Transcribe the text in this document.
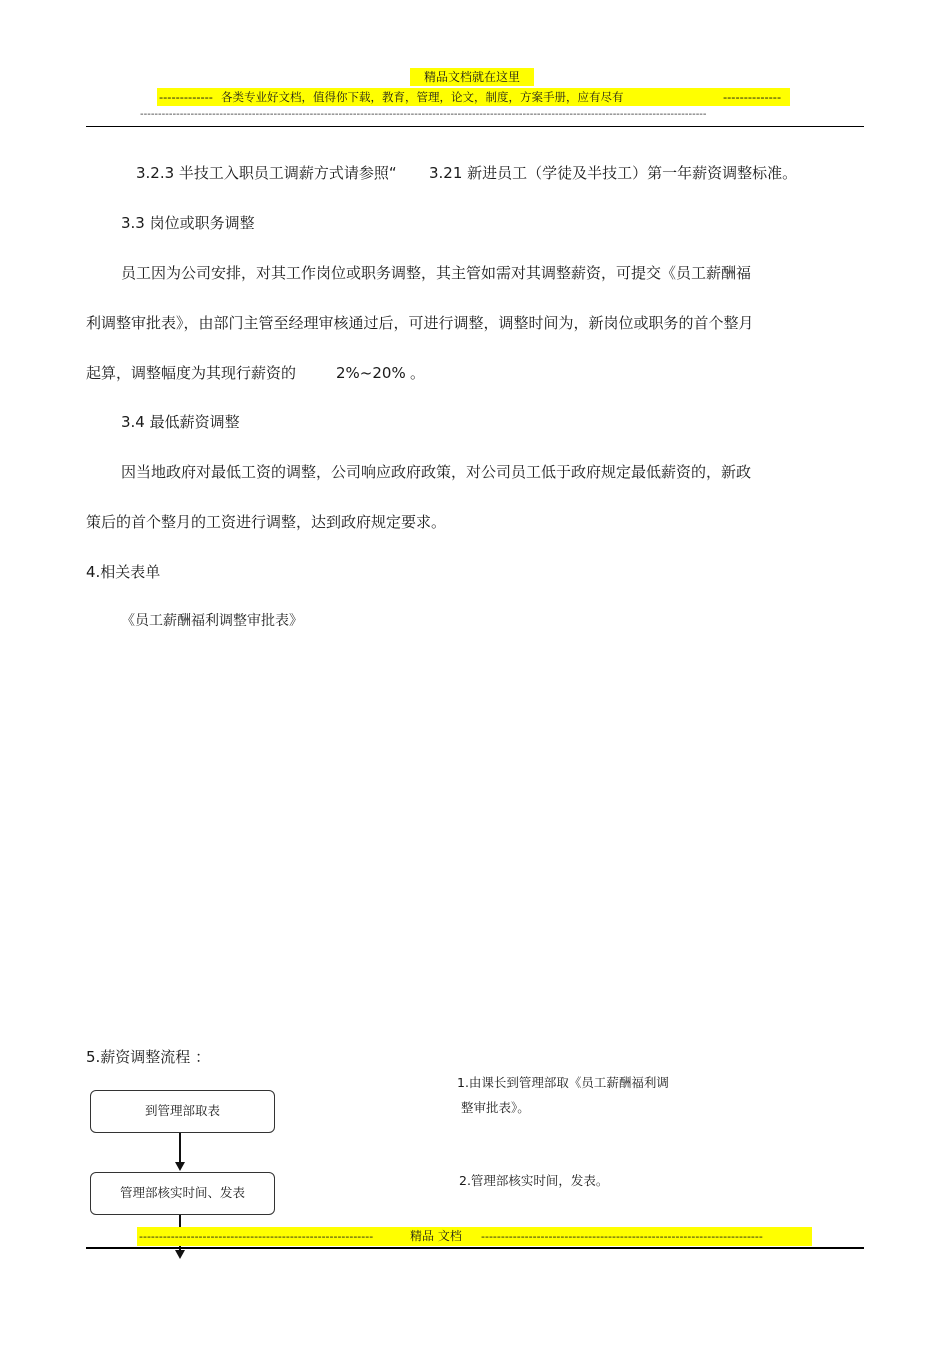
精品文档就在这里
------------- 各类专业好文档，值得你下载，教育，管理，论文，制度，方案手册，应有尽有	--------------
-------------------------------------------------------------------------------------------------------------------------------------------------------------
3.2.3 半技工入职员工调薪方式请参照“ 3.21 新进员工（学徒及半技工）第一年薪资调整标准。
3.3 岗位或职务调整
员工因为公司安排，对其工作岗位或职务调整，其主管如需对其调整薪资，可提交《员工薪酬福
利调整审批表》，由部门主管至经理审核通过后，可进行调整，调整时间为，新岗位或职务的首个整月
起算，调整幅度为其现行薪资的	2%~20% 。
3.4 最低薪资调整
因当地政府对最低工资的调整，公司响应政府政策，对公司员工低于政府规定最低薪资的，新政
策后的首个整月的工资进行调整，达到政府规定要求。
4.相关表单
《员工薪酬福利调整审批表》
5.薪资调整流程 ：
到管理部取表
管理部核实时间、发表
1.由课长到管理部取《员工薪酬福利调
整审批表》。
2.管理部核实时间，发表。
-----------------------------------------------------------	精品 文档 -----------------------------------------------------------------------
